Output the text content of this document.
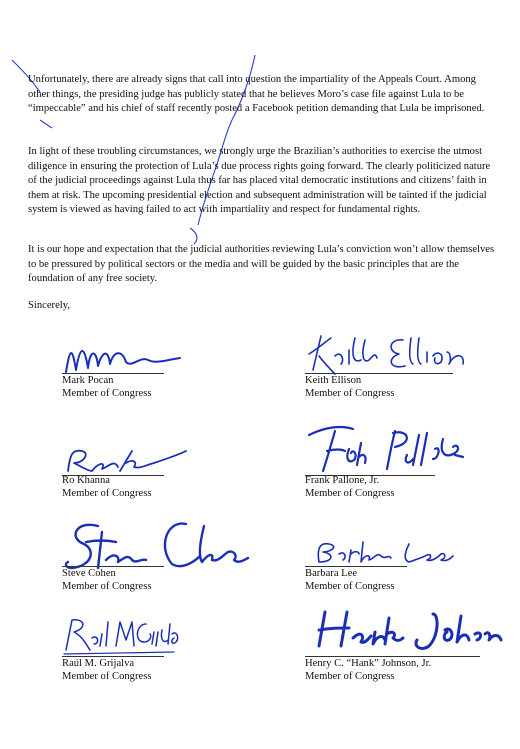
Unfortunately, there are already signs that call into question the impartiality of the Appeals Court. Among other things, the presiding judge has publicly stated that he believes Moro’s case file against Lula to be “impeccable” and his chief of staff recently posted a Facebook petition demanding that Lula be imprisoned.

In light of these troubling circumstances, we strongly urge the Brazilian’s authorities to exercise the utmost diligence in ensuring the protection of Lula’s due process rights going forward. The clearly politicized nature of the judicial proceedings against Lula thus far has placed vital democratic institutions and citizens’ faith in them at risk. The upcoming presidential election and subsequent administration will be tainted if the judicial system is viewed as having failed to act with impartiality and respect for fundamental rights.

It is our hope and expectation that the judicial authorities reviewing Lula’s conviction won’t allow themselves to be pressured by political sectors or the media and will be guided by the basic principles that are the foundation of any free society.

Sincerely,

Mark Pocan
Member of Congress
Keith Ellison
Member of Congress
Ro Khanna
Member of Congress
Frank Pallone, Jr.
Member of Congress
Steve Cohen
Member of Congress
Barbara Lee
Member of Congress
Raúl M. Grijalva
Member of Congress
Henry C. “Hank” Johnson, Jr.
Member of Congress
